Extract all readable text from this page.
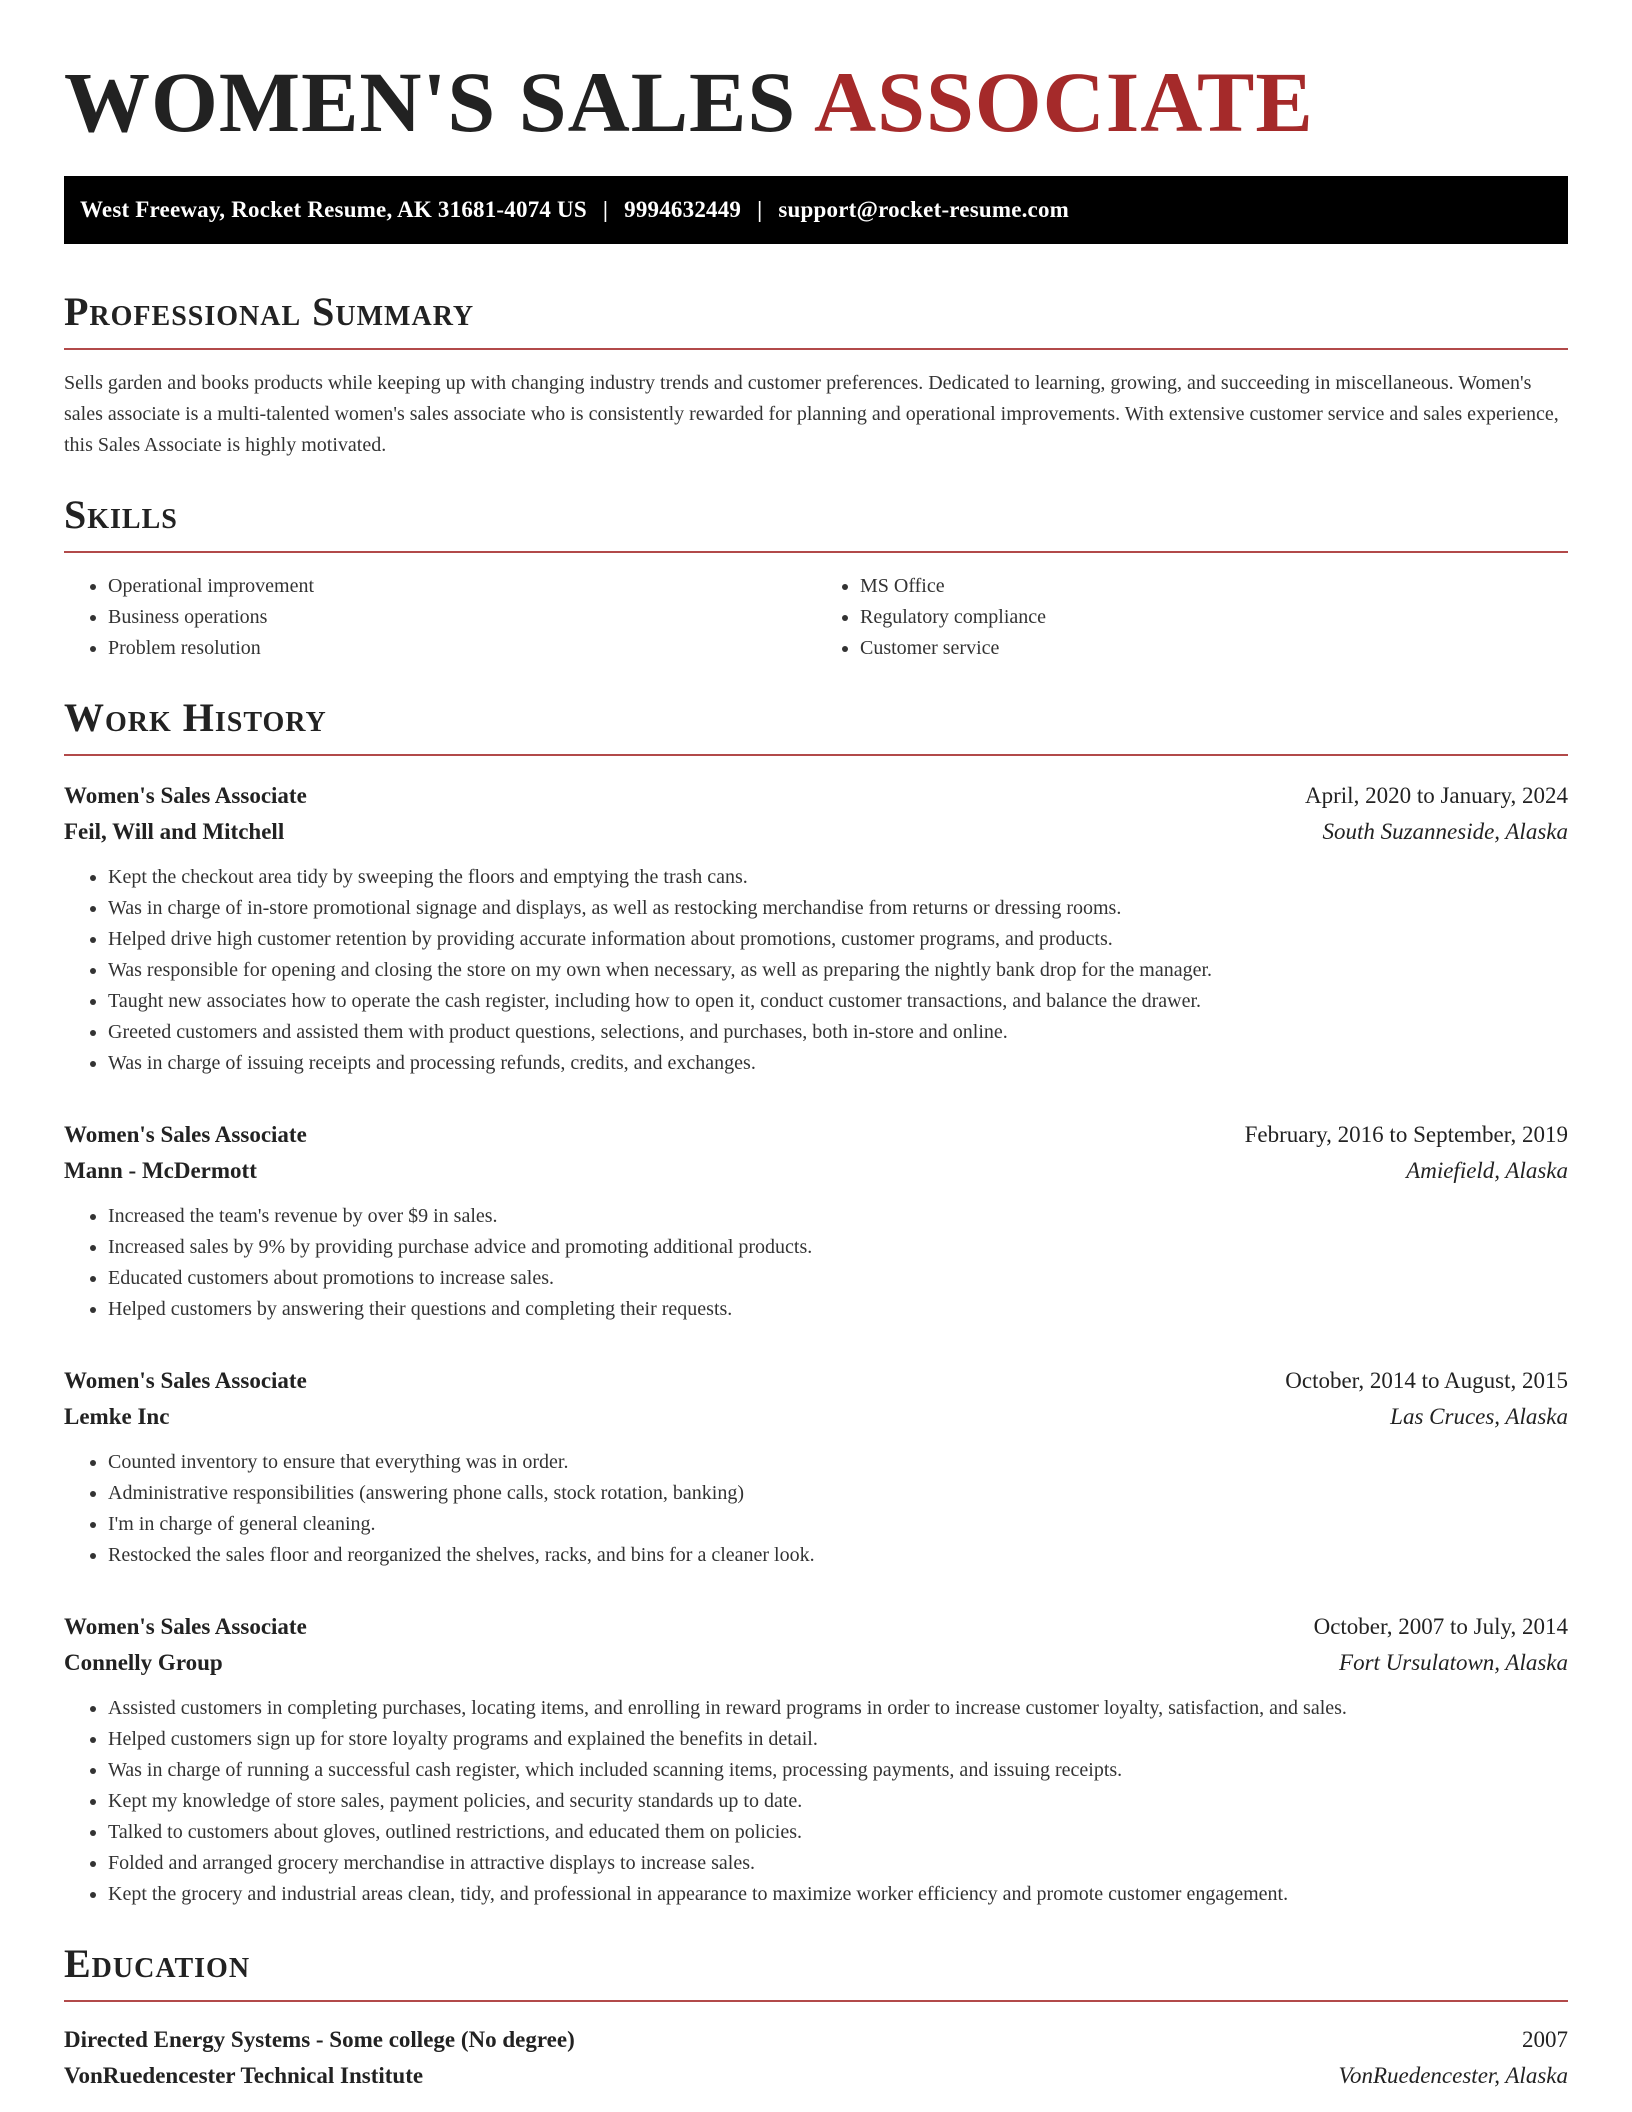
WOMEN'S SALES ASSOCIATE
West Freeway, Rocket Resume, AK 31681-4074 US | 9994632449 | support@rocket-resume.com
Professional Summary

Sells garden and books products while keeping up with changing industry trends and customer preferences. Dedicated to learning, growing, and succeeding in miscellaneous. Women's sales associate is a multi-talented women's sales associate who is consistently rewarded for planning and operational improvements. With extensive customer service and sales experience, this Sales Associate is highly motivated.

Skills
• Operational improvement
• Business operations
• Problem resolution
• MS Office
• Regulatory compliance
• Customer service
Work History
Women's Sales Associate	April, 2020 to January, 2024
Feil, Will and Mitchell	South Suzanneside, Alaska
• Kept the checkout area tidy by sweeping the floors and emptying the trash cans.
• Was in charge of in-store promotional signage and displays, as well as restocking merchandise from returns or dressing rooms.
• Helped drive high customer retention by providing accurate information about promotions, customer programs, and products.
• Was responsible for opening and closing the store on my own when necessary, as well as preparing the nightly bank drop for the manager.
• Taught new associates how to operate the cash register, including how to open it, conduct customer transactions, and balance the drawer.
• Greeted customers and assisted them with product questions, selections, and purchases, both in-store and online.
• Was in charge of issuing receipts and processing refunds, credits, and exchanges.
Women's Sales Associate	February, 2016 to September, 2019
Mann - McDermott	Amiefield, Alaska
• Increased the team's revenue by over $9 in sales.
• Increased sales by 9% by providing purchase advice and promoting additional products.
• Educated customers about promotions to increase sales.
• Helped customers by answering their questions and completing their requests.
Women's Sales Associate	October, 2014 to August, 2015
Lemke Inc	Las Cruces, Alaska
• Counted inventory to ensure that everything was in order.
• Administrative responsibilities (answering phone calls, stock rotation, banking)
• I'm in charge of general cleaning.
• Restocked the sales floor and reorganized the shelves, racks, and bins for a cleaner look.
Women's Sales Associate	October, 2007 to July, 2014
Connelly Group	Fort Ursulatown, Alaska
• Assisted customers in completing purchases, locating items, and enrolling in reward programs in order to increase customer loyalty, satisfaction, and sales.
• Helped customers sign up for store loyalty programs and explained the benefits in detail.
• Was in charge of running a successful cash register, which included scanning items, processing payments, and issuing receipts.
• Kept my knowledge of store sales, payment policies, and security standards up to date.
• Talked to customers about gloves, outlined restrictions, and educated them on policies.
• Folded and arranged grocery merchandise in attractive displays to increase sales.
• Kept the grocery and industrial areas clean, tidy, and professional in appearance to maximize worker efficiency and promote customer engagement.
Education
Directed Energy Systems - Some college (No degree)	2007
VonRuedencester Technical Institute	VonRuedencester, Alaska
